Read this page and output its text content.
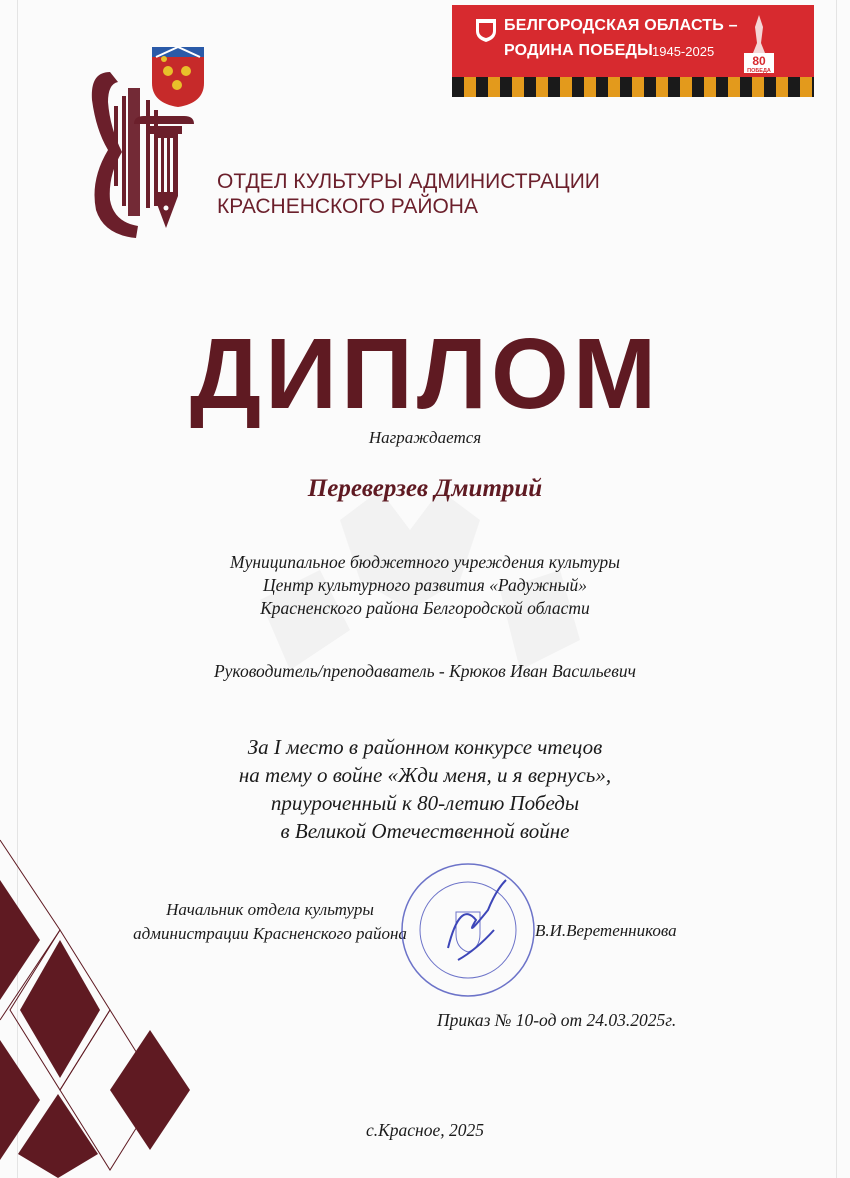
БЕЛГОРОДСКАЯ ОБЛАСТЬ –
РОДИНА ПОБЕДЫ 1945-2025
80
ПОБЕДА
ОТДЕЛ КУЛЬТУРЫ АДМИНИСТРАЦИИ
КРАСНЕНСКОГО РАЙОНА
ДИПЛОМ
Награждается
Переверзев Дмитрий
Муниципальное бюджетного учреждения культуры
Центр культурного развития «Радужный»
Красненского района Белгородской области
Руководитель/преподаватель - Крюков Иван Васильевич
За I место в районном конкурсе чтецов
на тему о войне «Жди меня, и я вернусь»,
приуроченный к 80-летию Победы
в Великой Отечественной войне
Начальник отдела культуры
администрации Красненского района	В.И.Веретенникова
Приказ № 10-од от 24.03.2025г.
с.Красное, 2025
